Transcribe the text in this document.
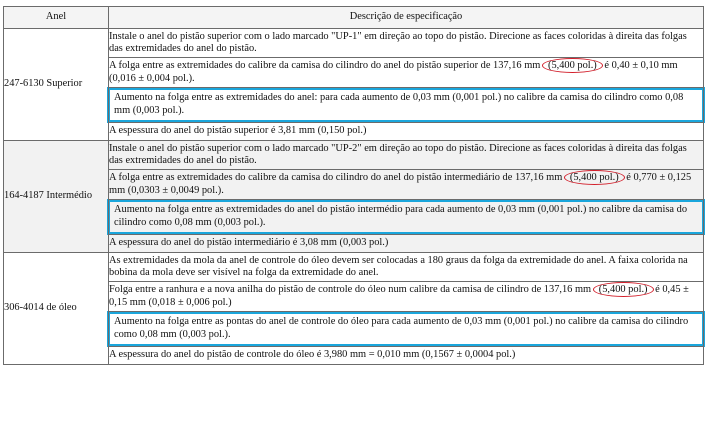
Anel	Descrição de especificação
247-6130 Superior	Instale o anel do pistão superior com o lado marcado "UP-1" em direção ao topo do pistão. Direcione as faces coloridas à direita das folgas das extremidades do anel do pistão.
	A folga entre as extremidades do calibre da camisa do cilindro do anel do pistão superior de 137,16 mm (5,400 pol.) é 0,40 ± 0,10 mm (0,016 ± 0,004 pol.).

	Aumento na folga entre as extremidades do anel: para cada aumento de 0,03 mm (0,001 pol.) no calibre da camisa do cilindro como 0,08 mm (0,003 pol.).

	A espessura do anel do pistão superior é 3,81 mm (0,150 pol.)
164-4187 Intermédio	Instale o anel do pistão superior com o lado marcado "UP-2" em direção ao topo do pistão. Direcione as faces coloridas à direita das folgas das extremidades do anel do pistão.
	A folga entre as extremidades do calibre da camisa do cilindro do anel do pistão intermediário de 137,16 mm (5,400 pol.) é 0,770 ± 0,125 mm (0,0303 ± 0,0049 pol.).

	Aumento na folga entre as extremidades do anel do pistão intermédio para cada aumento de 0,03 mm (0,001 pol.) no calibre da camisa do cilindro como 0,08 mm (0,003 pol.).

	A espessura do anel do pistão intermediário é 3,08 mm (0,003 pol.)
306-4014 de óleo	As extremidades da mola da anel de controle do óleo devem ser colocadas a 180 graus da folga da extremidade do anel. A faixa colorida na bobina da mola deve ser visível na folga da extremidade do anel.
	Folga entre a ranhura e a nova anilha do pistão de controle do óleo num calibre da camisa de cilindro de 137,16 mm (5,400 pol.) é 0,45 ± 0,15 mm (0,018 ± 0,006 pol.)

	Aumento na folga entre as pontas do anel de controle do óleo para cada aumento de 0,03 mm (0,001 pol.) no calibre da camisa do cilindro como 0,08 mm (0,003 pol.).

	A espessura do anel do pistão de controle do óleo é 3,980 mm = 0,010 mm (0,1567 ± 0,0004 pol.)
